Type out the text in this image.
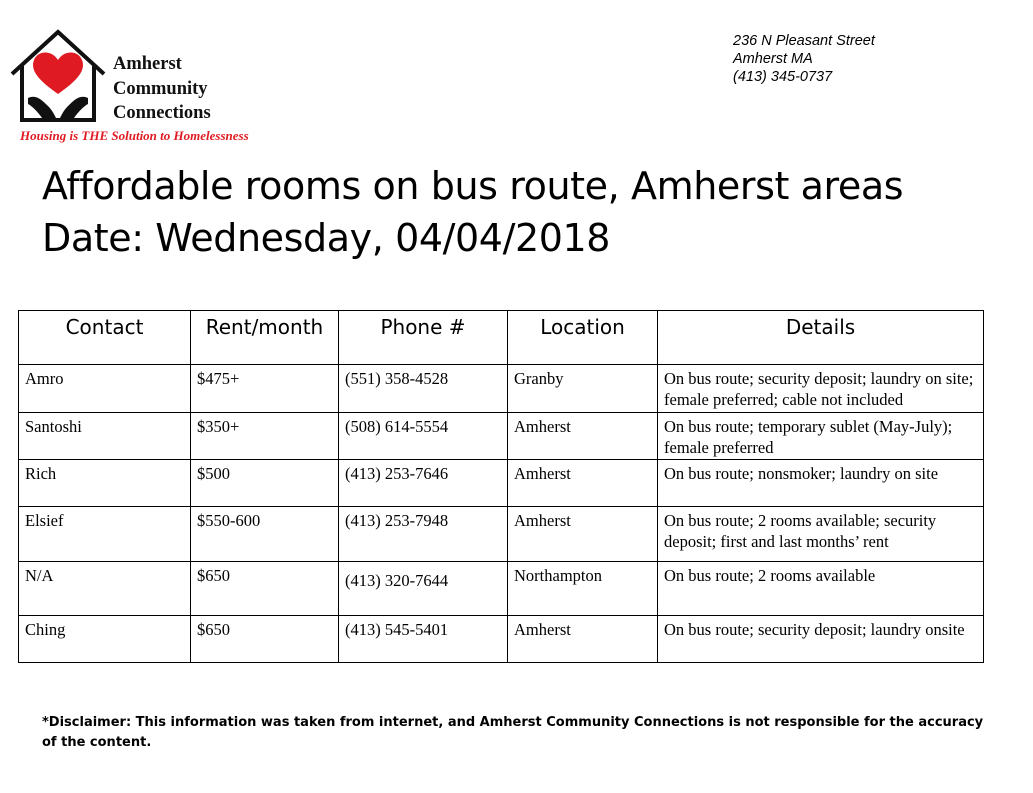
Amherst
Community
Connections
Housing is THE Solution to Homelessness
236 N Pleasant Street
Amherst MA
(413) 345-0737
Affordable rooms on bus route, Amherst areas
Date: Wednesday, 04/04/2018
Contact	Rent/month	Phone #	Location	Details
Amro	$475+	(551) 358-4528	Granby	On bus route; security deposit; laundry on site; female preferred; cable not included
Santoshi	$350+	(508) 614-5554	Amherst	On bus route; temporary sublet (May-July); female preferred
Rich	$500	(413) 253-7646	Amherst	On bus route; nonsmoker; laundry on site
Elsief	$550-600	(413) 253-7948	Amherst	On bus route; 2 rooms available; security deposit; first and last months’ rent
N/A	$650	(413) 320-7644	Northampton	On bus route; 2 rooms available
Ching	$650	(413) 545-5401	Amherst	On bus route; security deposit; laundry onsite
*Disclaimer: This information was taken from internet, and Amherst Community Connections is not responsible for the accuracy of the content.
